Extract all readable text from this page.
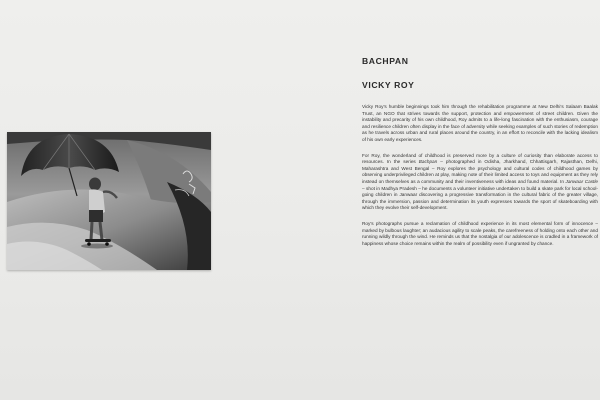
BACHPAN
VICKY ROY

Vicky Roy’s humble beginnings took him through the rehabilitation programme at New Delhi’s Salaam Baalak Trust, an NGO that strives towards the support, protection and empowerment of street children. Given the instability and precarity of his own childhood, Roy admits to a life-long fascination with the enthusiasm, courage and resilience children often display in the face of adversity while seeking examples of such stories of redemption as he travels across urban and rural places around the country, in an effort to reconcile with the lacking idealism of his own early experiences.

For Roy, the wonderland of childhood is preserved more by a culture of curiosity than elaborate access to resources. In the series Bachpan – photographed in Odisha, Jharkhand, Chhattisgarh, Rajasthan, Delhi, Maharashtra and West Bengal – Roy explores the psychology and cultural codes of childhood games by observing underprivileged children at play, making note of their limited access to toys and equipment as they rely instead on themselves as a community and their inventiveness with ideas and found material. In Janwaar Castle – shot in Madhya Pradesh – he documents a volunteer initiative undertaken to build a skate park for local school-going children in Janwaar discovering a progressive transformation in the cultural fabric of the greater village, through the immersion, passion and determination its youth expresses towards the sport of skateboarding with which they evolve their self-development.

Roy’s photographs pursue a reclamation of childhood experience in its most elemental form of innocence – marked by bulbous laughter; an audacious agility to scale peaks, the carefreeness of holding onto each other and running wildly through the wind. He reminds us that the nostalgia of our adolescence is cradled in a framework of happiness whose choice remains within the realm of possibility even if ungranted by chance.
